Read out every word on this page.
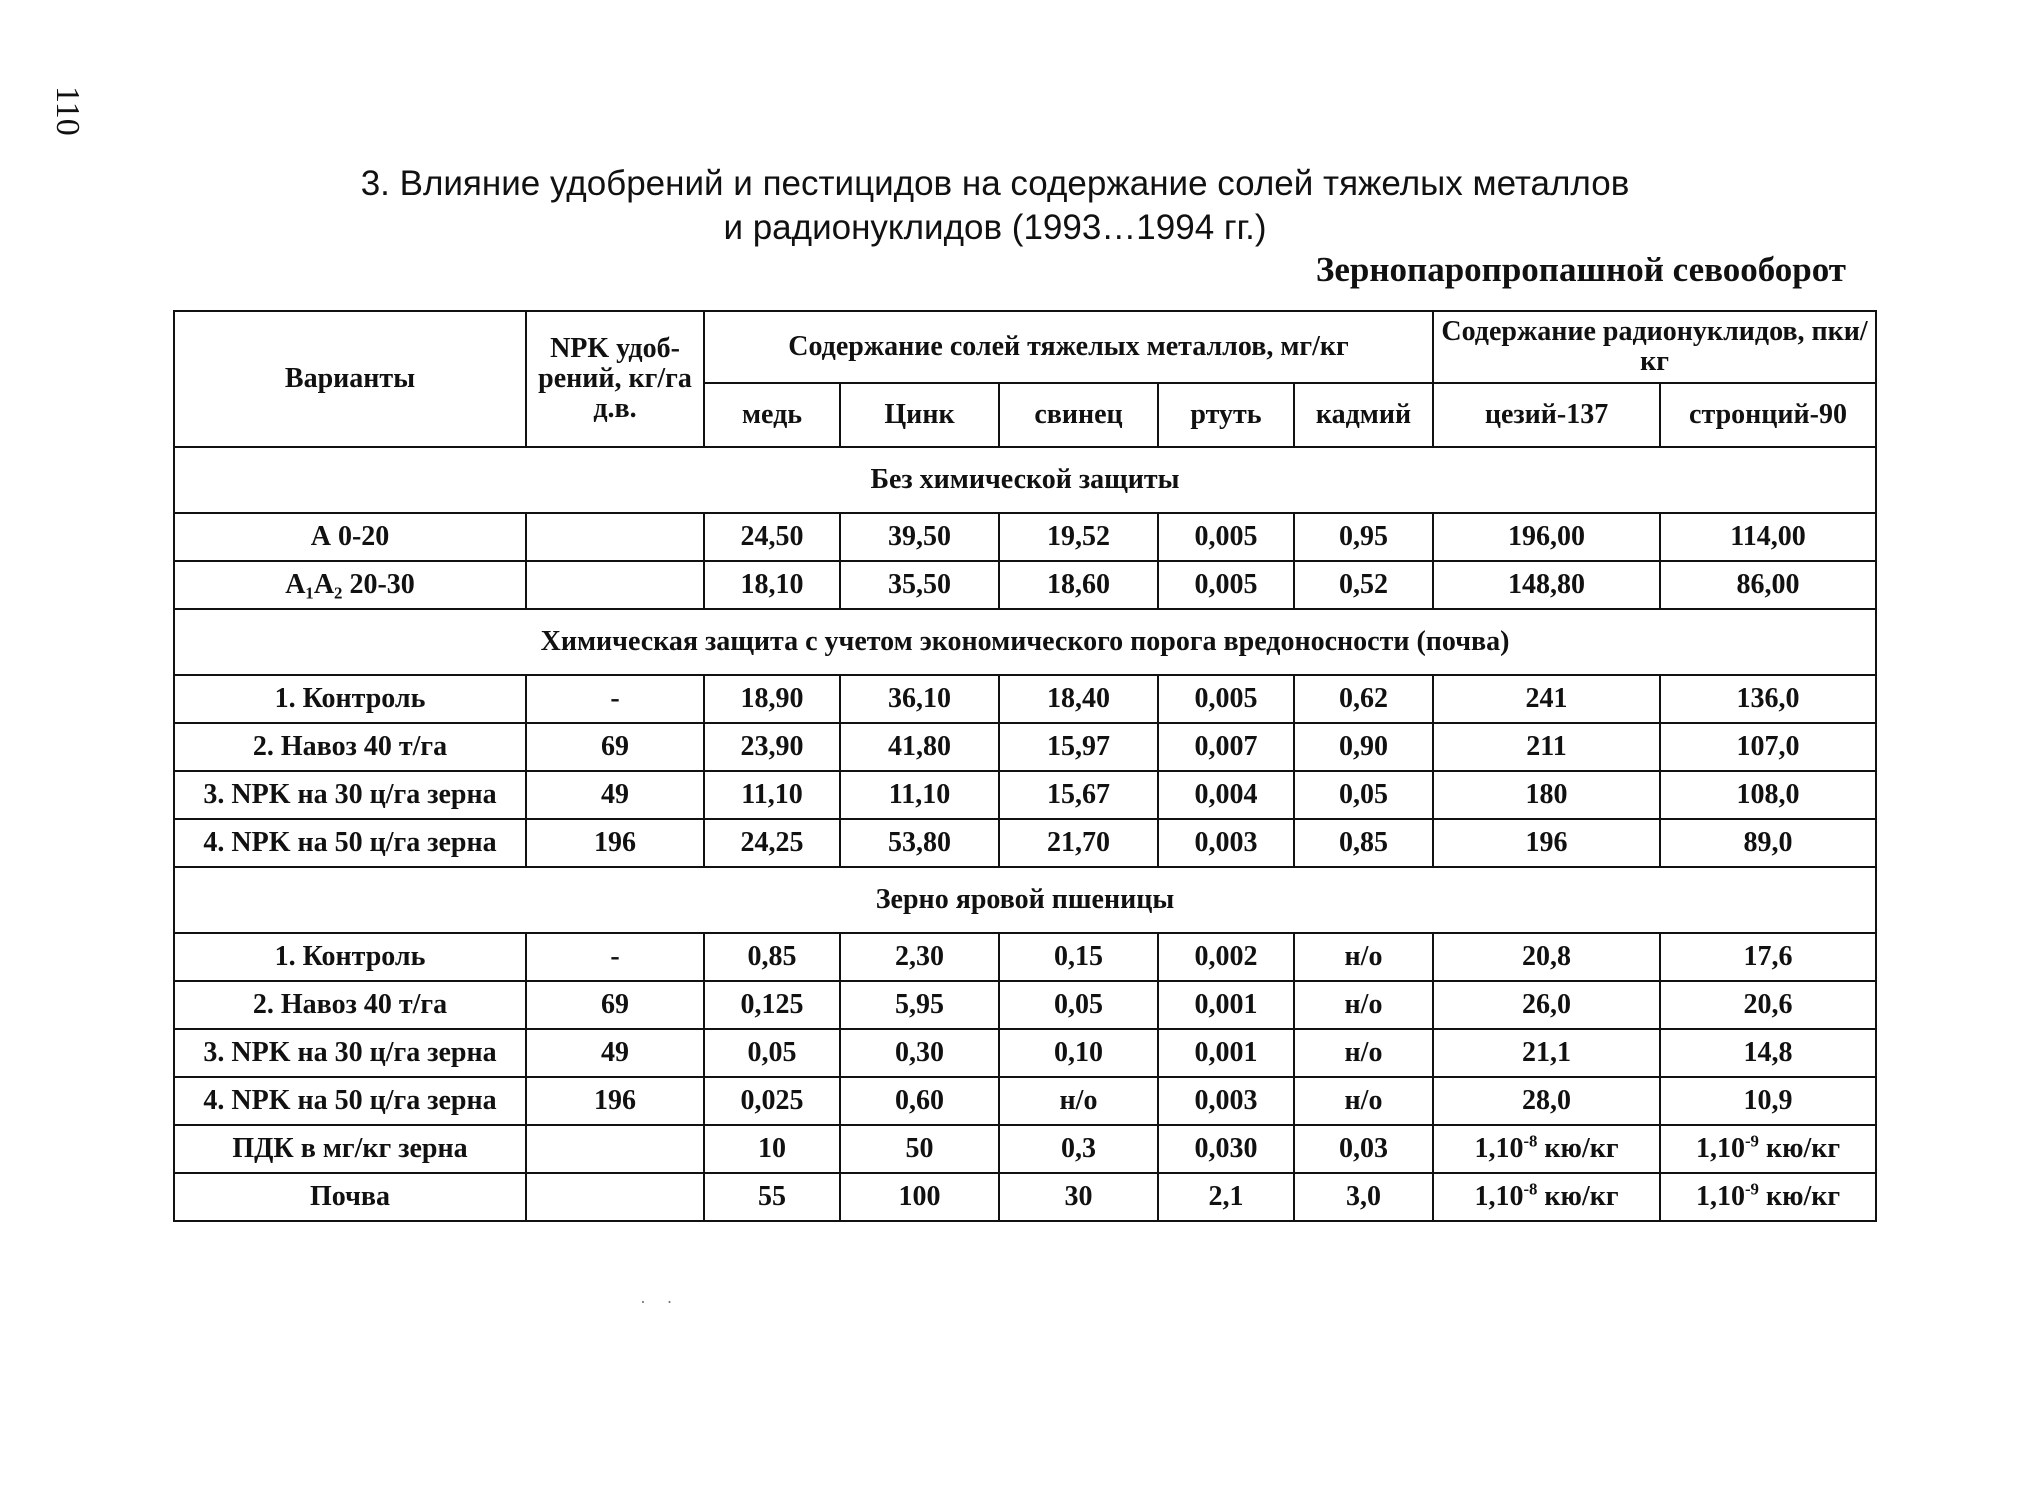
110
3. Влияние удобрений и пестицидов на содержание солей тяжелых металлов
и радионуклидов (1993…1994 гг.)
Зернопаропропашной севооборот
Варианты	NPK удоб- рений, кг/га д.в.	Содержание солей тяжелых металлов, мг/кг					Содержание радионуклидов, пки/кг	
		медь	Цинк	свинец	ртуть	кадмий	цезий-137	стронций-90
Без химической защиты								
А 0-20		24,50	39,50	19,52	0,005	0,95	196,00	114,00
А₁А₂ 20-30		18,10	35,50	18,60	0,005	0,52	148,80	86,00
Химическая защита с учетом экономического порога вредоносности (почва)								
1. Контроль	-	18,90	36,10	18,40	0,005	0,62	241	136,0
2. Навоз 40 т/га	69	23,90	41,80	15,97	0,007	0,90	211	107,0
3. NPK на 30 ц/га зерна	49	11,10	11,10	15,67	0,004	0,05	180	108,0
4. NPK на 50 ц/га зерна	196	24,25	53,80	21,70	0,003	0,85	196	89,0
Зерно яровой пшеницы								
1. Контроль	-	0,85	2,30	0,15	0,002	н/о	20,8	17,6
2. Навоз 40 т/га	69	0,125	5,95	0,05	0,001	н/о	26,0	20,6
3. NPK на 30 ц/га зерна	49	0,05	0,30	0,10	0,001	н/о	21,1	14,8
4. NPK на 50 ц/га зерна	196	0,025	0,60	н/о	0,003	н/о	28,0	10,9
ПДК в мг/кг зерна		10	50	0,3	0,030	0,03	$1,10^{-8}$ кю/кг	$1,10^{-9}$ кю/кг
Почва		55	100	30	2,1	3,0	$1,10^{-8}$ кю/кг	$1,10^{-9}$ кю/кг
· ·
